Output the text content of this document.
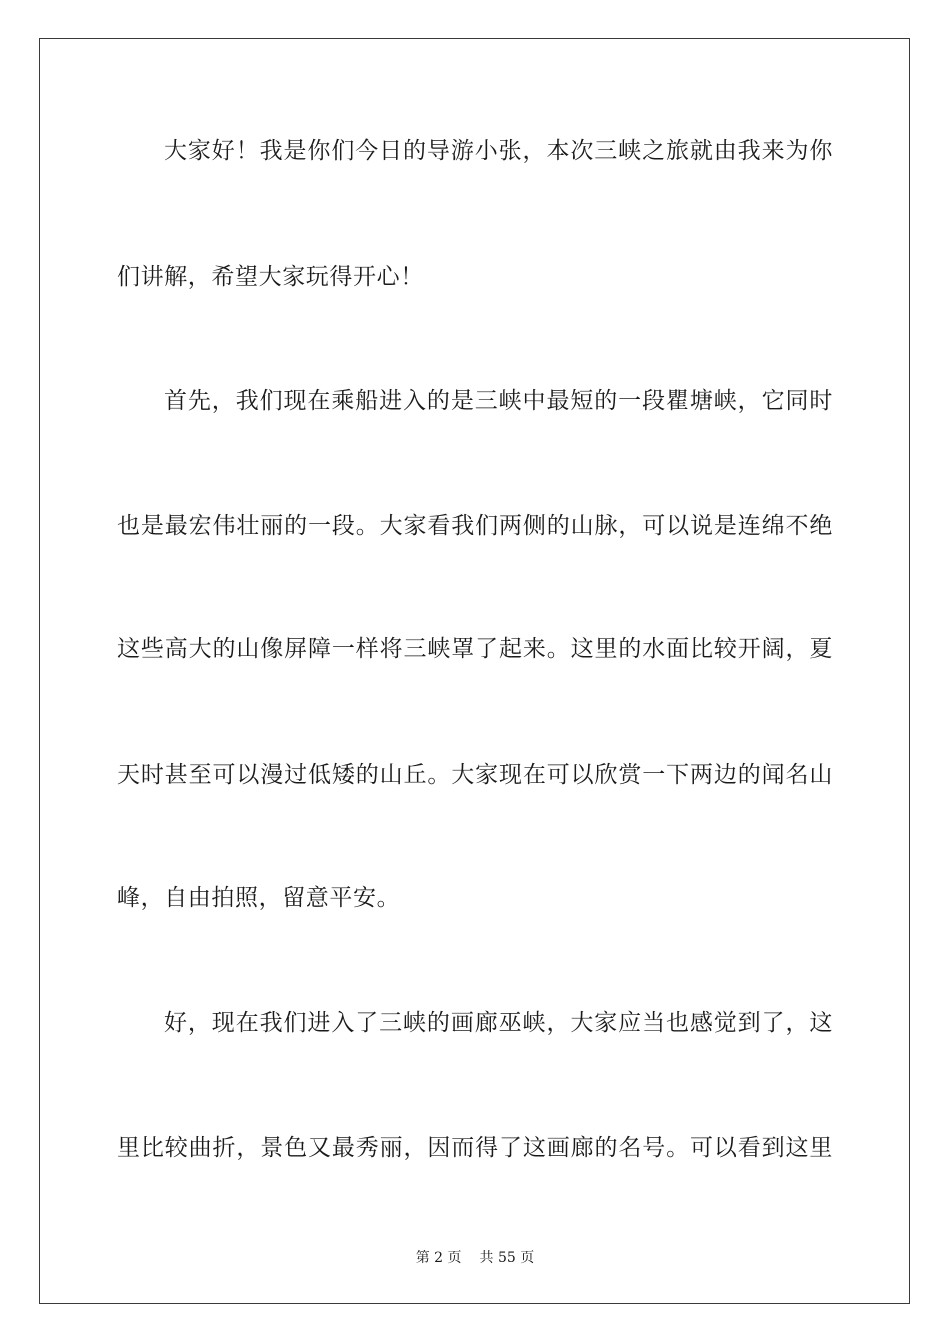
大家好！我是你们今日的导游小张，本次三峡之旅就由我来为你
们讲解，希望大家玩得开心！
首先，我们现在乘船进入的是三峡中最短的一段瞿塘峡，它同时
也是最宏伟壮丽的一段。大家看我们两侧的山脉，可以说是连绵不绝
这些高大的山像屏障一样将三峡罩了起来。这里的水面比较开阔，夏
天时甚至可以漫过低矮的山丘。大家现在可以欣赏一下两边的闻名山
峰，自由拍照，留意平安。
好，现在我们进入了三峡的画廊巫峡，大家应当也感觉到了，这
里比较曲折，景色又最秀丽，因而得了这画廊的名号。可以看到这里
第 2 页 共 55 页
